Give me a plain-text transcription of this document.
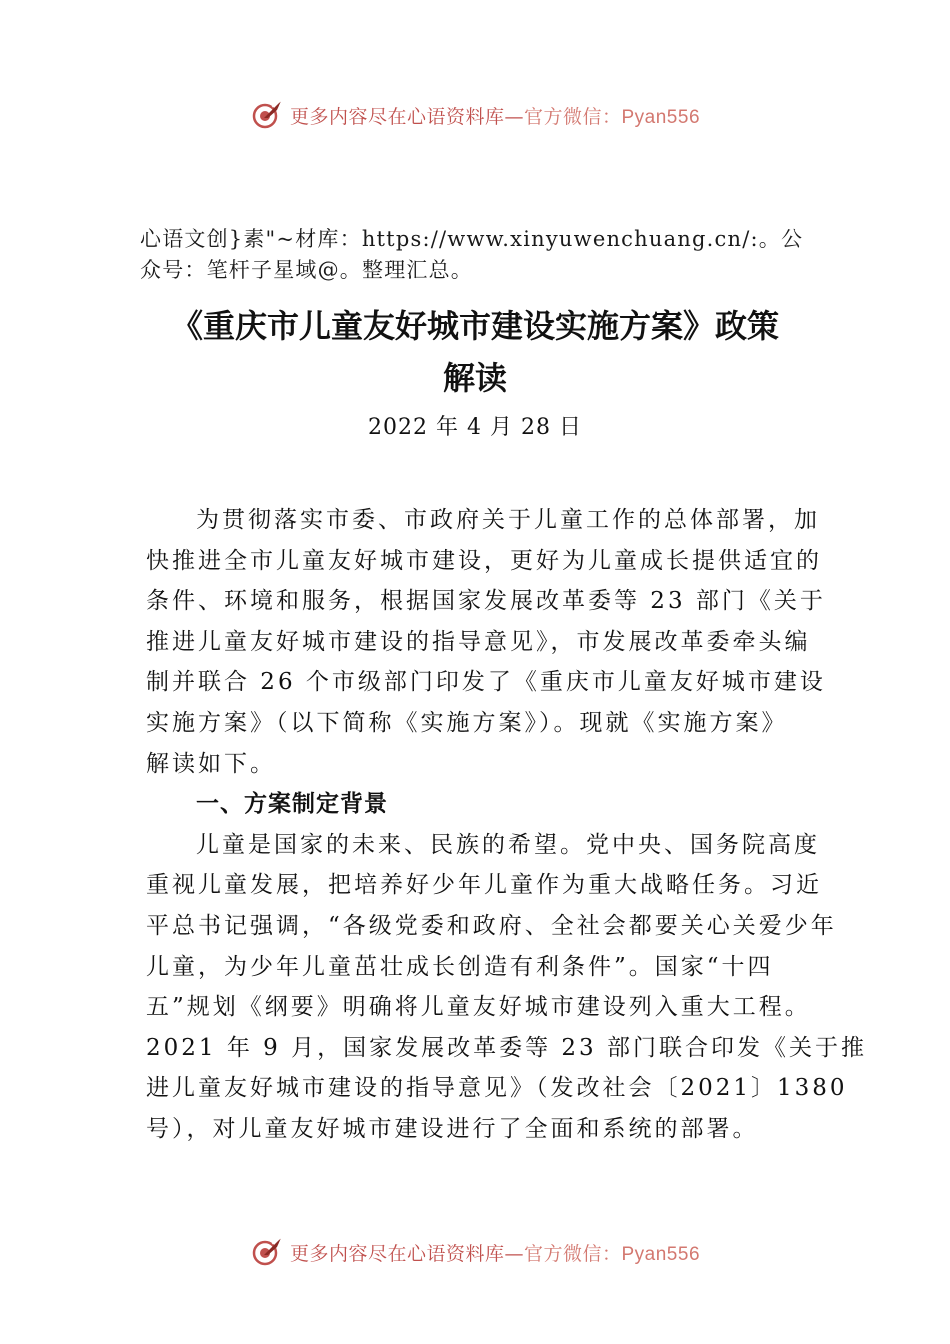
更多内容尽在心语资料库—官方微信：Pyan556
心语文创}素"~材库：https://www.xinyuwenchuang.cn/:。公
众号：笔杆子星域@。整理汇总。
《重庆市儿童友好城市建设实施方案》政策
解读
2022 年 4 月 28 日
为贯彻落实市委、市政府关于儿童工作的总体部署，加
快推进全市儿童友好城市建设，更好为儿童成长提供适宜的
条件、环境和服务，根据国家发展改革委等 23 部门《关于
推进儿童友好城市建设的指导意见》，市发展改革委牵头编
制并联合 26 个市级部门印发了《重庆市儿童友好城市建设
实施方案》（以下简称《实施方案》）。现就《实施方案》
解读如下。
一、方案制定背景
儿童是国家的未来、民族的希望。党中央、国务院高度
重视儿童发展，把培养好少年儿童作为重大战略任务。习近
平总书记强调，“各级党委和政府、全社会都要关心关爱少年
儿童，为少年儿童茁壮成长创造有利条件”。国家“十四
五”规划《纲要》明确将儿童友好城市建设列入重大工程。
2021 年 9 月，国家发展改革委等 23 部门联合印发《关于推
进儿童友好城市建设的指导意见》（发改社会〔2021〕1380
号），对儿童友好城市建设进行了全面和系统的部署。
更多内容尽在心语资料库—官方微信：Pyan556
